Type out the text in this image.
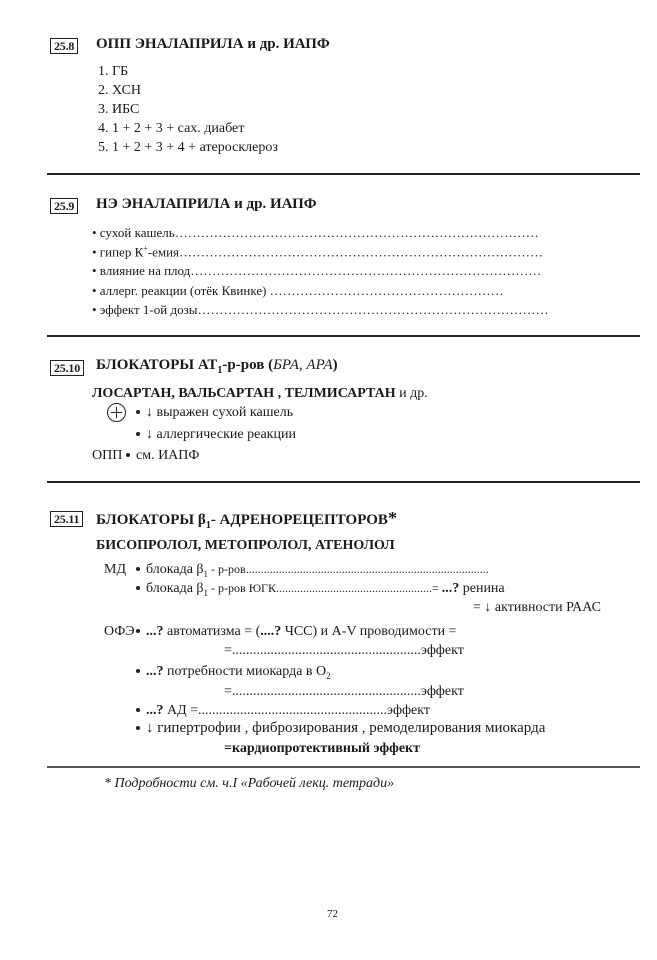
25.8 ОПП ЭНАЛАПРИЛА и др. ИАПФ
1. ГБ
2. ХСН
3. ИБС
4. 1 + 2 + 3 + сах. диабет
5. 1 + 2 + 3 + 4 + атеросклероз
25.9 НЭ ЭНАЛАПРИЛА и др. ИАПФ
• сухой кашель…………………………………………………………………………
• гипер К+-емия…………………………………………………………………………
• влияние на плод………………………………………………………………………
• аллерг. реакции (отёк Квинке) ………………………………………………
• эффект 1-ой дозы………………………………………………………………………
25.10 БЛОКАТОРЫ $АТ_1-р$-ров (БРА, АРА)
ЛОСАРТАН, ВАЛЬСАРТАН , ТЕЛМИСАРТАН и др.
↓ выражен сухой кашель
↓ аллергические реакции
ОПП см. ИАПФ
25.11 БЛОКАТОРЫ $\beta_1-$ АДРЕНОРЕЦЕПТОРОВ*
БИСОПРОЛОЛ, МЕТОПРОЛОЛ, АТЕНОЛОЛ
МД	блокада $\beta_1 - р-ров$.................................................................................
блокада $\beta_1 - р-ров$ ЮГК....................................................= ...? ренина
= ↓ активности РААС
ОФЭ ...? автоматизма = (....? ЧСС) и А-V проводимости =
=......................................................эффект
...? потребности миокарда в $О_2$
=......................................................эффект
...? АД =......................................................эффект
↓ гипертрофии , фиброзирования , ремоделирования миокарда
=кардиопротективный эффект
* Подробности см. ч.I «Рабочей лекц. тетради»
72
